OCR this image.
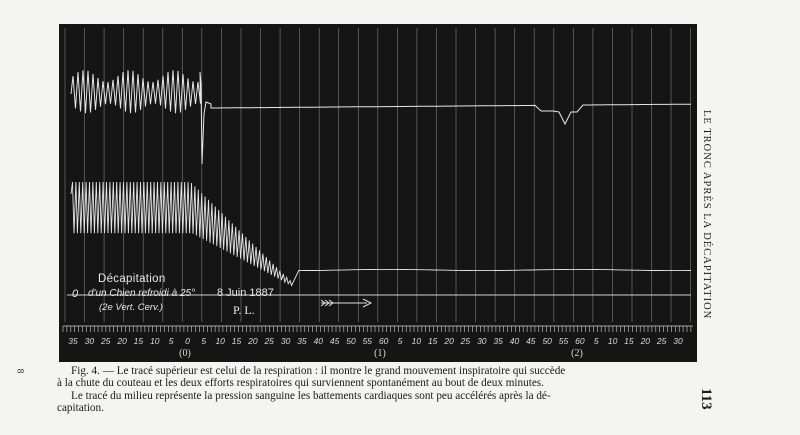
0
Décapitation
d'un Chien refroidi à 25°
(2e Vert. Cerv.)
8 Juin 1887
P. L.
35 30 25 20 15 10 5 0 5 10 15 20 25 30 35 40 45 50 55 60 5 10 15 20 25 30 35 40 45 50 55 60 5 10 15 20 25 30
(0)	(1)	(2)

Fig. 4. — Le tracé supérieur est celui de la respiration : il montre le grand mouvement inspiratoire qui succède

à la chute du couteau et les deux efforts respiratoires qui surviennent spontanément au bout de deux minutes.

Le tracé du milieu représente la pression sanguine les battements cardiaques sont peu accélérés après la dé-

capitation.

LE TRONC APRÈS LA DÉCAPITATION
113
8
